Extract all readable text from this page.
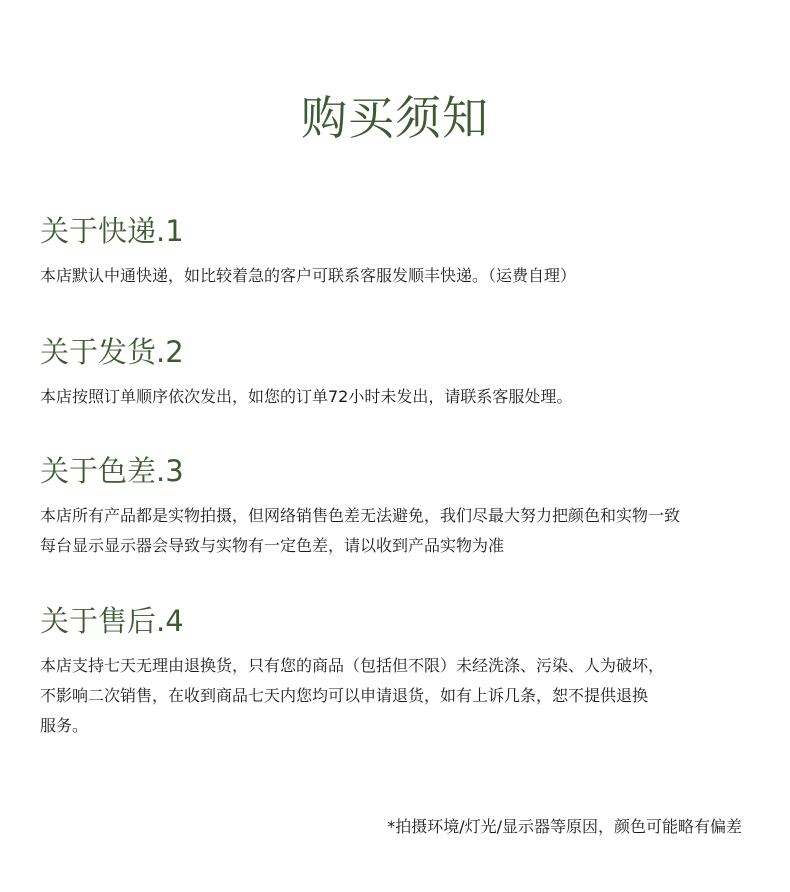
购买须知
关于快递.1

本店默认中通快递，如比较着急的客户可联系客服发顺丰快递。（运费自理）

关于发货.2

本店按照订单顺序依次发出，如您的订单72小时未发出，请联系客服处理。

关于色差.3

本店所有产品都是实物拍摄，但网络销售色差无法避免，我们尽最大努力把颜色和实物一致
每台显示显示器会导致与实物有一定色差，请以收到产品实物为准

关于售后.4

本店支持七天无理由退换货，只有您的商品（包括但不限）未经洗涤、污染、人为破坏，
不影响二次销售，在收到商品七天内您均可以申请退货，如有上诉几条，恕不提供退换
服务。

*拍摄环境/灯光/显示器等原因，颜色可能略有偏差
